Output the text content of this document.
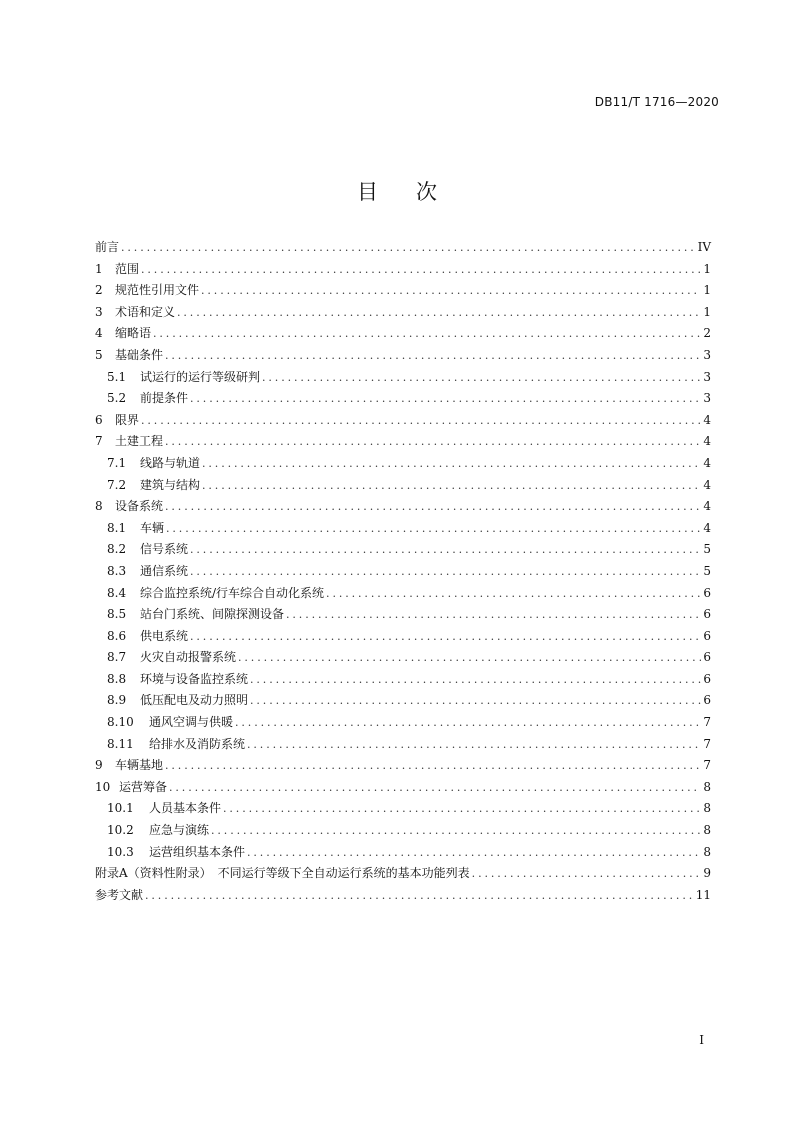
DB11/T 1716—2020
目次
前言 .....	IV
1	范围 .....	1
2	规范性引用文件 .....	1
3	术语和定义 .....	1
4	缩略语 .....	2
5	基础条件 .....	3
5.1	试运行的运行等级研判 .....	3
5.2	前提条件 .....	3
6	限界 .....	4
7	土建工程 .....	4
7.1	线路与轨道 .....	4
7.2	建筑与结构 .....	4
8	设备系统 .....	4
8.1	车辆 .....	4
8.2	信号系统 .....	5
8.3	通信系统 .....	5
8.4	综合监控系统/行车综合自动化系统 .....	6
8.5	站台门系统、间隙探测设备 .....	6
8.6	供电系统 .....	6
8.7	火灾自动报警系统 .....	6
8.8	环境与设备监控系统 .....	6
8.9	低压配电及动力照明 .....	6
8.10	通风空调与供暖 .....	7
8.11	给排水及消防系统 .....	7
9	车辆基地 .....	7
10 运营筹备 .....	8
10.1	人员基本条件 .....	8
10.2	应急与演练 .....	8
10.3	运营组织基本条件 .....	8
附录A（资料性附录）　不同运行等级下全自动运行系统的基本功能列表 .....	9
参考文献 .....	11
I
